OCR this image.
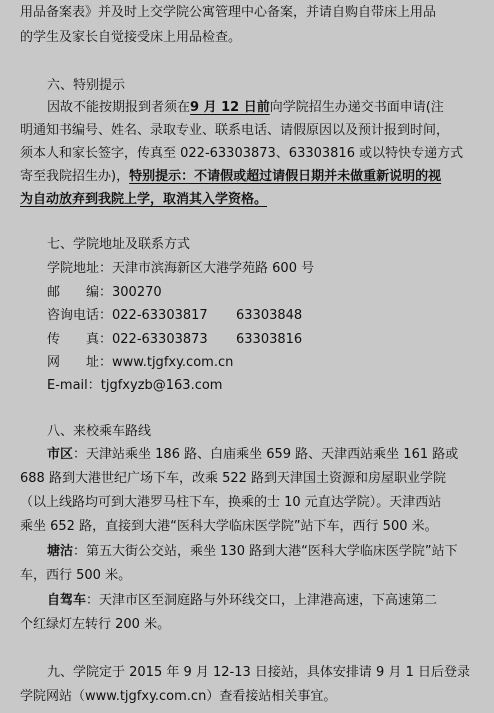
用品备案表》并及时上交学院公寓管理中心备案，并请自购自带床上用品
的学生及家长自觉接受床上用品检查。
六、特别提示
因故不能按期报到者须在9 月 12 日前向学院招生办递交书面申请(注
明通知书编号、姓名、录取专业、联系电话、请假原因以及预计报到时间，
须本人和家长签字，传真至 022-63303873、63303816 或以特快专递方式
寄至我院招生办)，特别提示：不请假或超过请假日期并未做重新说明的视
为自动放弃到我院上学，取消其入学资格。
七、学院地址及联系方式
学院地址：天津市滨海新区大港学苑路 600 号
邮　　编：300270
咨询电话：022-63303817 63303848
传　　真：022-63303873 63303816
网　　址：www.tjgfxy.com.cn
E-mail：tjgfxyzb@163.com
八、来校乘车路线
市区：天津站乘坐 186 路、白庙乘坐 659 路、天津西站乘坐 161 路或
688 路到大港世纪广场下车，改乘 522 路到天津国土资源和房屋职业学院
（以上线路均可到大港罗马柱下车，换乘的士 10 元直达学院）。天津西站
乘坐 652 路，直接到大港“医科大学临床医学院”站下车，西行 500 米。
塘沽：第五大街公交站，乘坐 130 路到大港“医科大学临床医学院”站下
车，西行 500 米。
自驾车：天津市区至洞庭路与外环线交口，上津港高速，下高速第二
个红绿灯左转行 200 米。
九、学院定于 2015 年 9 月 12-13 日接站，具体安排请 9 月 1 日后登录
学院网站（www.tjgfxy.com.cn）查看接站相关事宜。
